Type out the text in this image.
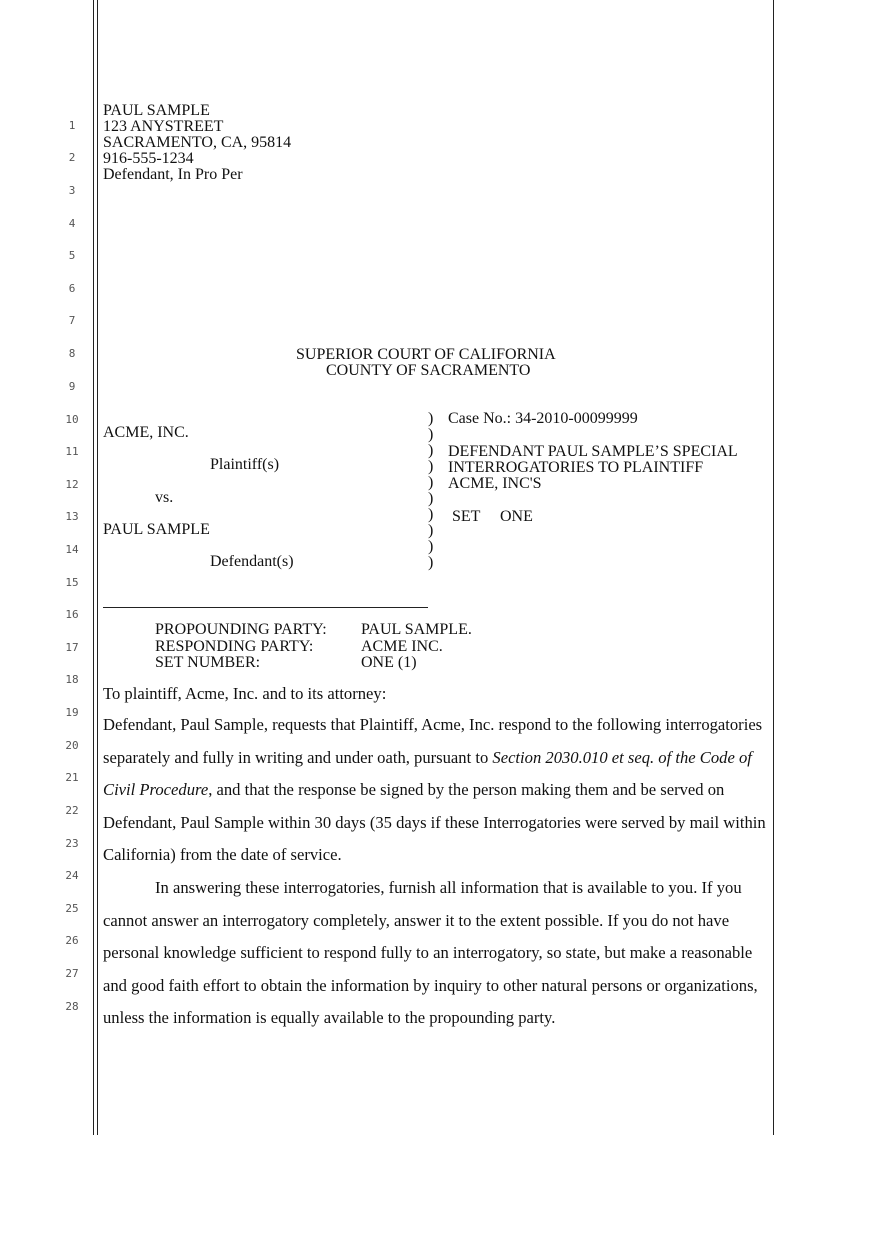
1
2
3
4
5
6
7
8
9
10
11
12
13
14
15
16
17
18
19
20
21
22
23
24
25
26
27
28
PAUL SAMPLE
123 ANYSTREET
SACRAMENTO, CA, 95814
916-555-1234
Defendant, In Pro Per
SUPERIOR COURT OF CALIFORNIA
COUNTY OF SACRAMENTO
ACME, INC.
Plaintiff(s)
vs.
PAUL SAMPLE
Defendant(s)
)
)
)
)
)
)
)
)
)
)
Case No.: 34-2010-00099999
DEFENDANT PAUL SAMPLE’S SPECIAL
INTERROGATORIES TO PLAINTIFF
ACME, INC'S
SET ONE
PROPOUNDING PARTY: PAUL SAMPLE.
RESPONDING PARTY:	ACME INC.
SET NUMBER:	ONE (1)
To plaintiff, Acme, Inc. and to its attorney:

Defendant, Paul Sample, requests that Plaintiff, Acme, Inc. respond to the following interrogatories separately and fully in writing and under oath, pursuant to Section 2030.010 et seq. of the Code of Civil Procedure, and that the response be signed by the person making them and be served on Defendant, Paul Sample within 30 days (35 days if these Interrogatories were served by mail within California) from the date of service.

In answering these interrogatories, furnish all information that is available to you. If you cannot answer an interrogatory completely, answer it to the extent possible. If you do not have personal knowledge sufficient to respond fully to an interrogatory, so state, but make a reasonable and good faith effort to obtain the information by inquiry to other natural persons or organizations, unless the information is equally available to the propounding party.
